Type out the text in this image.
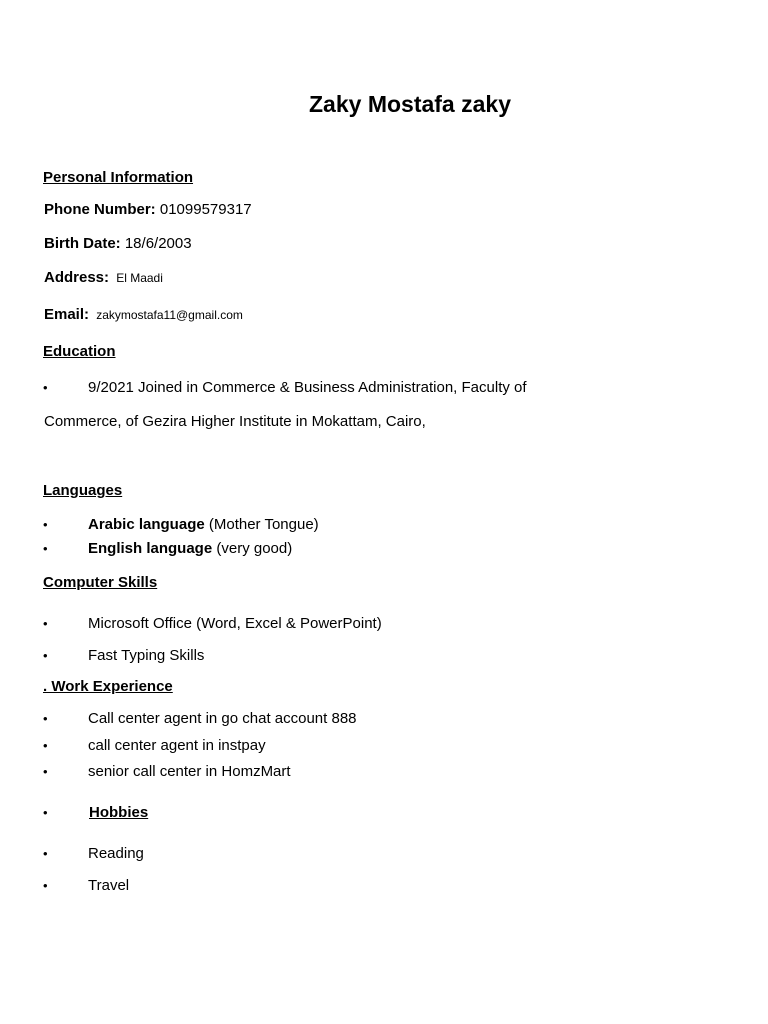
Zaky Mostafa zaky
Personal Information
Phone Number: 01099579317
Birth Date: 18/6/2003
Address: El Maadi
Email: zakymostafa11@gmail.com
Education
•	9/2021 Joined in Commerce & Business Administration, Faculty of
Commerce, of Gezira Higher Institute in Mokattam, Cairo,
Languages
•	Arabic language (Mother Tongue)
•	English language (very good)
Computer Skills
•	Microsoft Office (Word, Excel & PowerPoint)
•	Fast Typing Skills
. Work Experience
•	Call center agent in go chat account 888
•	call center agent in instpay
•	senior call center in HomzMart
•	Hobbies
•	Reading
•	Travel
